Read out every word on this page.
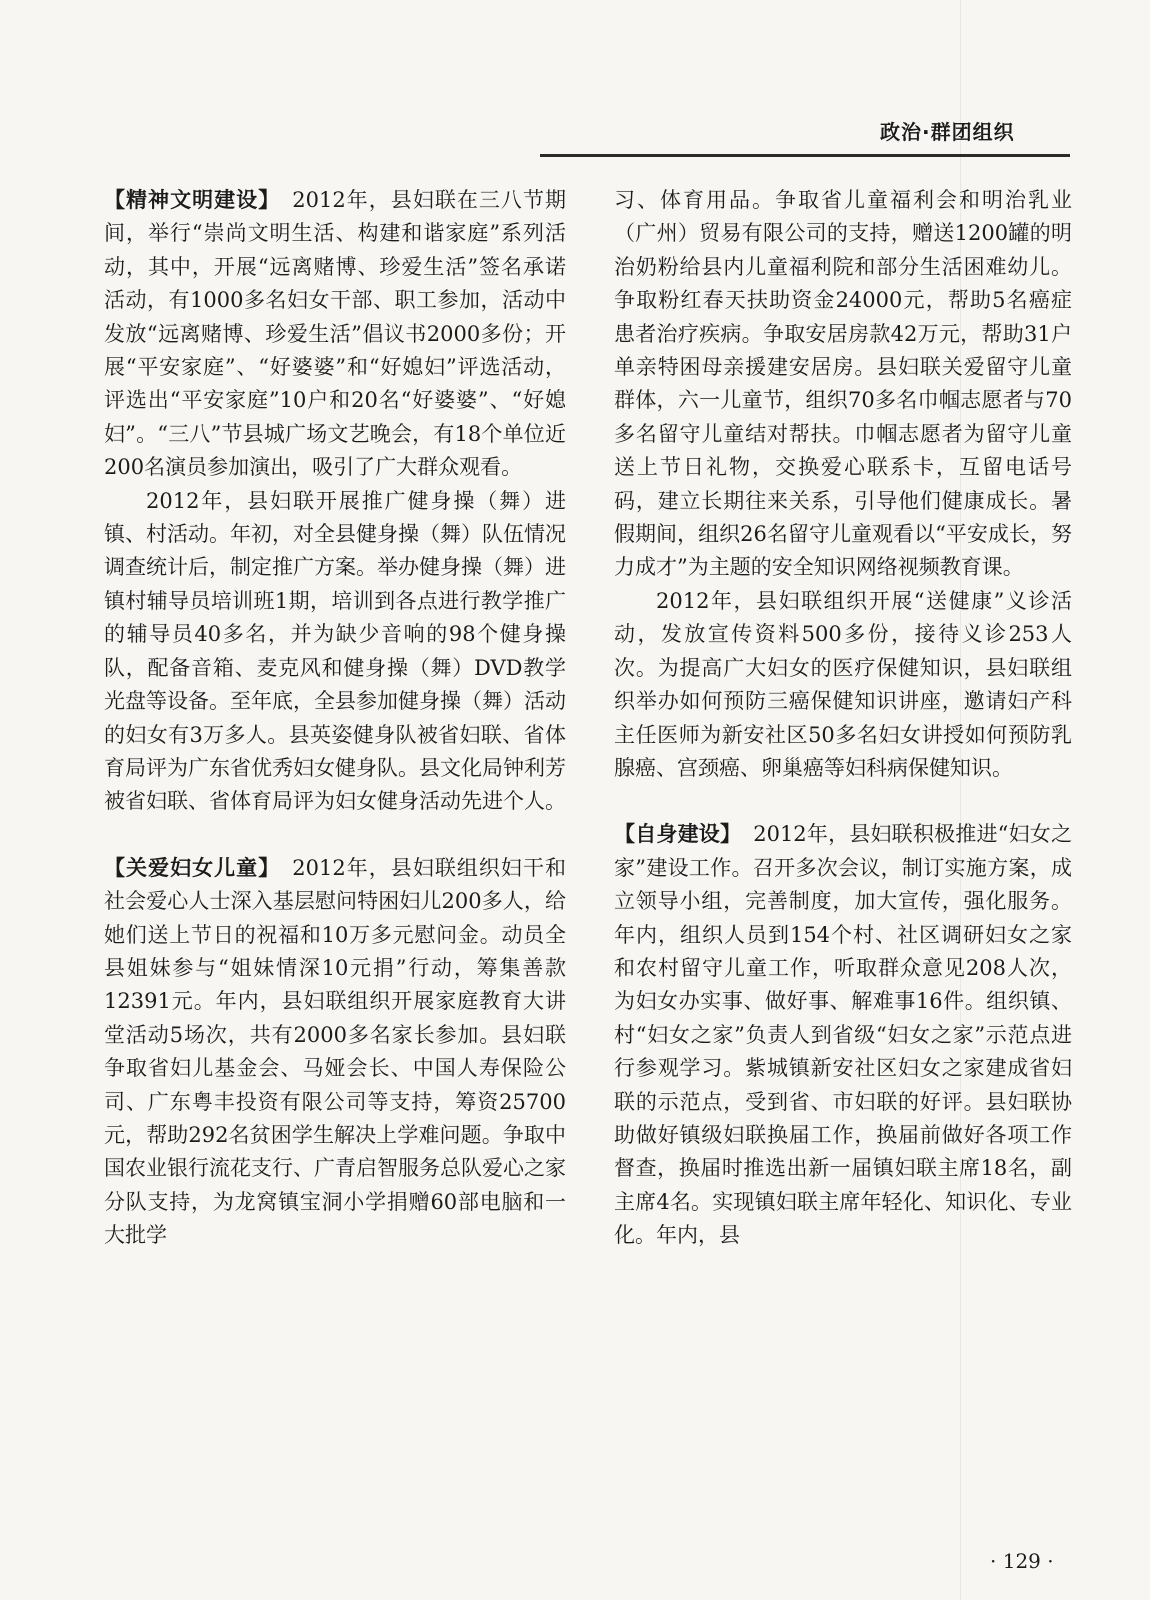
政治·群团组织

【精神文明建设】 2012年，县妇联在三八节期间，举行“崇尚文明生活、构建和谐家庭”系列活动，其中，开展“远离赌博、珍爱生活”签名承诺活动，有1000多名妇女干部、职工参加，活动中发放“远离赌博、珍爱生活”倡议书2000多份；开展“平安家庭”、“好婆婆”和“好媳妇”评选活动，评选出“平安家庭”10户和20名“好婆婆”、“好媳妇”。“三八”节县城广场文艺晚会，有18个单位近200名演员参加演出，吸引了广大群众观看。

2012年，县妇联开展推广健身操（舞）进镇、村活动。年初，对全县健身操（舞）队伍情况调查统计后，制定推广方案。举办健身操（舞）进镇村辅导员培训班1期，培训到各点进行教学推广的辅导员40多名，并为缺少音响的98个健身操队，配备音箱、麦克风和健身操（舞）DVD教学光盘等设备。至年底，全县参加健身操（舞）活动的妇女有3万多人。县英姿健身队被省妇联、省体育局评为广东省优秀妇女健身队。县文化局钟利芳被省妇联、省体育局评为妇女健身活动先进个人。

【关爱妇女儿童】 2012年，县妇联组织妇干和社会爱心人士深入基层慰问特困妇儿200多人，给她们送上节日的祝福和10万多元慰问金。动员全县姐妹参与“姐妹情深10元捐”行动，筹集善款12391元。年内，县妇联组织开展家庭教育大讲堂活动5场次，共有2000多名家长参加。县妇联争取省妇儿基金会、马娅会长、中国人寿保险公司、广东粤丰投资有限公司等支持，筹资25700元，帮助292名贫困学生解决上学难问题。争取中国农业银行流花支行、广青启智服务总队爱心之家分队支持，为龙窝镇宝洞小学捐赠60部电脑和一大批学

习、体育用品。争取省儿童福利会和明治乳业（广州）贸易有限公司的支持，赠送1200罐的明治奶粉给县内儿童福利院和部分生活困难幼儿。争取粉红春天扶助资金24000元，帮助5名癌症患者治疗疾病。争取安居房款42万元，帮助31户单亲特困母亲援建安居房。县妇联关爱留守儿童群体，六一儿童节，组织70多名巾帼志愿者与70多名留守儿童结对帮扶。巾帼志愿者为留守儿童送上节日礼物，交换爱心联系卡，互留电话号码，建立长期往来关系，引导他们健康成长。暑假期间，组织26名留守儿童观看以“平安成长，努力成才”为主题的安全知识网络视频教育课。

2012年，县妇联组织开展“送健康”义诊活动，发放宣传资料500多份，接待义诊253人次。为提高广大妇女的医疗保健知识，县妇联组织举办如何预防三癌保健知识讲座，邀请妇产科主任医师为新安社区50多名妇女讲授如何预防乳腺癌、宫颈癌、卵巢癌等妇科病保健知识。

【自身建设】 2012年，县妇联积极推进“妇女之家”建设工作。召开多次会议，制订实施方案，成立领导小组，完善制度，加大宣传，强化服务。年内，组织人员到154个村、社区调研妇女之家和农村留守儿童工作，听取群众意见208人次，为妇女办实事、做好事、解难事16件。组织镇、村“妇女之家”负责人到省级“妇女之家”示范点进行参观学习。紫城镇新安社区妇女之家建成省妇联的示范点，受到省、市妇联的好评。县妇联协助做好镇级妇联换届工作，换届前做好各项工作督查，换届时推选出新一届镇妇联主席18名，副主席4名。实现镇妇联主席年轻化、知识化、专业化。年内，县

· 129 ·
